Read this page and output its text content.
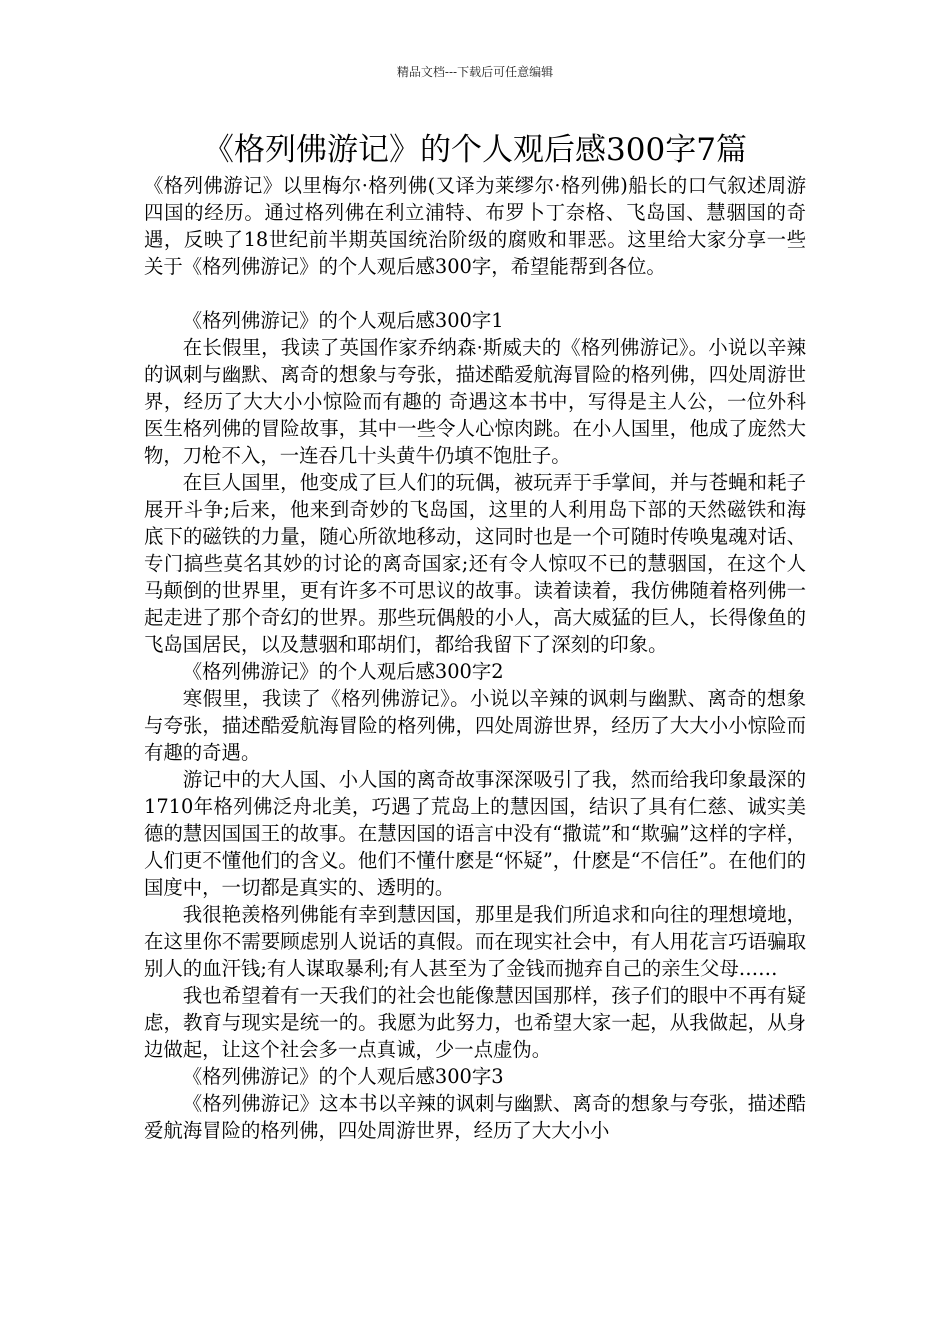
精品文档---下载后可任意编辑
《格列佛游记》的个人观后感300字7篇

《格列佛游记》以里梅尔·格列佛(又译为莱缪尔·格列佛)船长的口气叙述周游四国的经历。通过格列佛在利立浦特、布罗卜丁奈格、飞岛国、慧骃国的奇遇，反映了18世纪前半期英国统治阶级的腐败和罪恶。这里给大家分享一些关于《格列佛游记》的个人观后感300字，希望能帮到各位。

《格列佛游记》的个人观后感300字1

在长假里，我读了英国作家乔纳森·斯威夫的《格列佛游记》。小说以辛辣的讽刺与幽默、离奇的想象与夸张，描述酷爱航海冒险的格列佛，四处周游世界，经历了大大小小惊险而有趣的 奇遇这本书中，写得是主人公，一位外科医生格列佛的冒险故事，其中一些令人心惊肉跳。在小人国里，他成了庞然大物，刀枪不入，一连吞几十头黄牛仍填不饱肚子。

在巨人国里，他变成了巨人们的玩偶，被玩弄于手掌间，并与苍蝇和耗子展开斗争;后来，他来到奇妙的飞岛国，这里的人利用岛下部的天然磁铁和海底下的磁铁的力量，随心所欲地移动，这同时也是一个可随时传唤鬼魂对话、专门搞些莫名其妙的讨论的离奇国家;还有令人惊叹不已的慧骃国，在这个人马颠倒的世界里，更有许多不可思议的故事。读着读着，我仿佛随着格列佛一起走进了那个奇幻的世界。那些玩偶般的小人，高大威猛的巨人，长得像鱼的飞岛国居民，以及慧骃和耶胡们，都给我留下了深刻的印象。

《格列佛游记》的个人观后感300字2

寒假里，我读了《格列佛游记》。小说以辛辣的讽刺与幽默、离奇的想象与夸张，描述酷爱航海冒险的格列佛，四处周游世界，经历了大大小小惊险而有趣的奇遇。

游记中的大人国、小人国的离奇故事深深吸引了我，然而给我印象最深的1710年格列佛泛舟北美，巧遇了荒岛上的慧因国，结识了具有仁慈、诚实美德的慧因国国王的故事。在慧因国的语言中没有“撒谎”和“欺骗”这样的字样，人们更不懂他们的含义。他们不懂什麽是“怀疑”，什麽是“不信任”。在他们的国度中，一切都是真实的、透明的。

我很艳羡格列佛能有幸到慧因国，那里是我们所追求和向往的理想境地，在这里你不需要顾虑别人说话的真假。而在现实社会中，有人用花言巧语骗取别人的血汗钱;有人谋取暴利;有人甚至为了金钱而抛弃自己的亲生父母……

我也希望着有一天我们的社会也能像慧因国那样，孩子们的眼中不再有疑虑，教育与现实是统一的。我愿为此努力，也希望大家一起，从我做起，从身边做起，让这个社会多一点真诚，少一点虚伪。

《格列佛游记》的个人观后感300字3

《格列佛游记》这本书以辛辣的讽刺与幽默、离奇的想象与夸张，描述酷爱航海冒险的格列佛，四处周游世界，经历了大大小小
